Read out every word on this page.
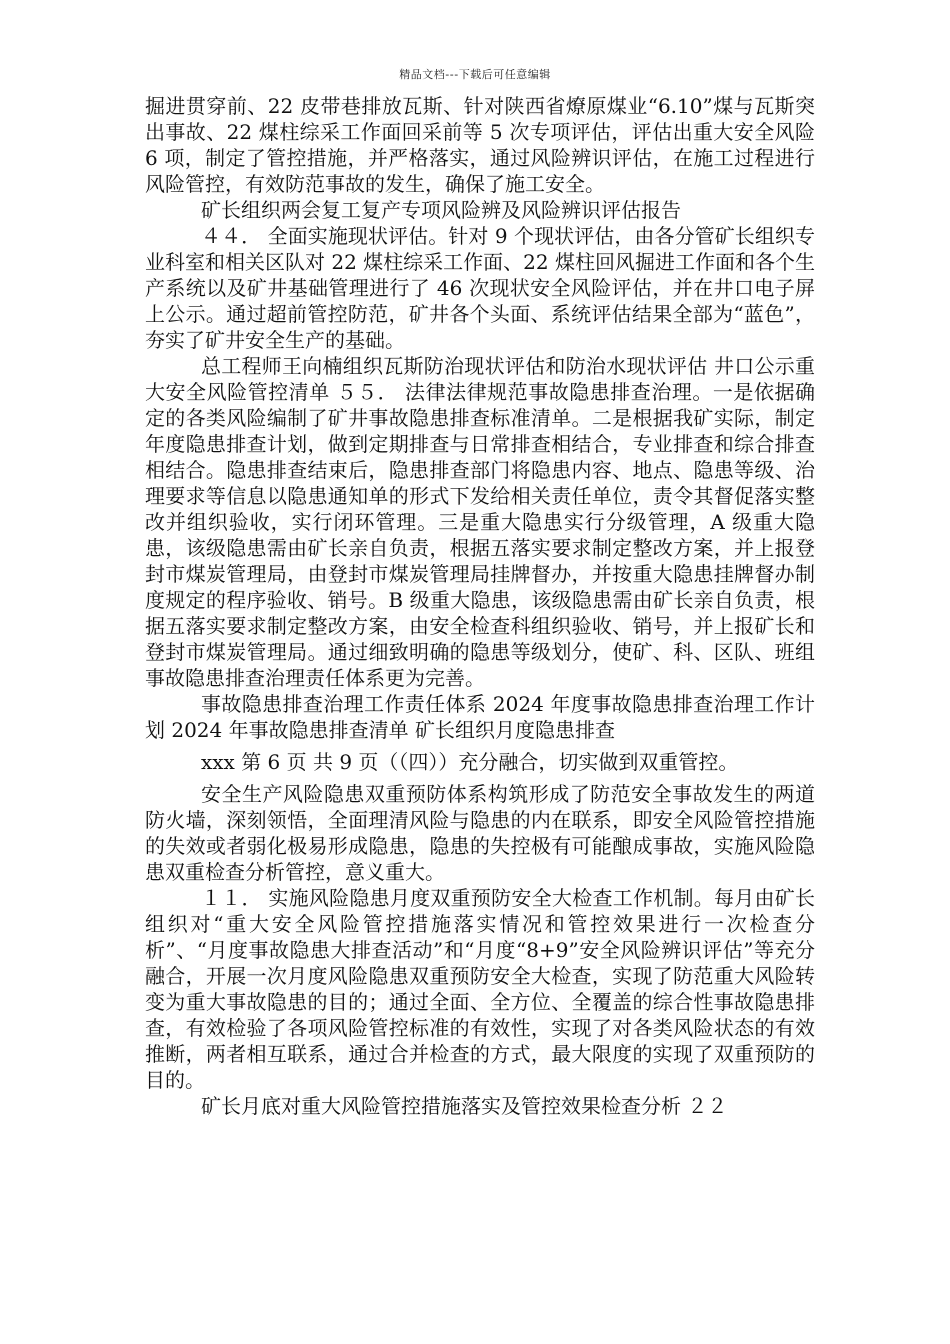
精品文档---下载后可任意编辑

掘进贯穿前、22 皮带巷排放瓦斯、针对陕西省燎原煤业“6.10”煤与瓦斯突出事故、22 煤柱综采工作面回采前等 5 次专项评估，评估出重大安全风险 6 项，制定了管控措施，并严格落实，通过风险辨识评估，在施工过程进行风险管控，有效防范事故的发生，确保了施工安全。

矿长组织两会复工复产专项风险辨及风险辨识评估报告

４４． 全面实施现状评估。针对 9 个现状评估，由各分管矿长组织专业科室和相关区队对 22 煤柱综采工作面、22 煤柱回风掘进工作面和各个生产系统以及矿井基础管理进行了 46 次现状安全风险评估，并在井口电子屏上公示。通过超前管控防范，矿井各个头面、系统评估结果全部为“蓝色”，夯实了矿井安全生产的基础。

总工程师王向楠组织瓦斯防治现状评估和防治水现状评估 井口公示重大安全风险管控清单 ５５． 法律法律规范事故隐患排查治理。一是依据确定的各类风险编制了矿井事故隐患排查标准清单。二是根据我矿实际，制定年度隐患排查计划，做到定期排查与日常排查相结合，专业排查和综合排查相结合。隐患排查结束后，隐患排查部门将隐患内容、地点、隐患等级、治理要求等信息以隐患通知单的形式下发给相关责任单位，责令其督促落实整改并组织验收，实行闭环管理。三是重大隐患实行分级管理，A 级重大隐患，该级隐患需由矿长亲自负责，根据五落实要求制定整改方案，并上报登封市煤炭管理局，由登封市煤炭管理局挂牌督办，并按重大隐患挂牌督办制度规定的程序验收、销号。B 级重大隐患，该级隐患需由矿长亲自负责，根据五落实要求制定整改方案，由安全检查科组织验收、销号，并上报矿长和登封市煤炭管理局。通过细致明确的隐患等级划分，使矿、科、区队、班组事故隐患排查治理责任体系更为完善。

事故隐患排查治理工作责任体系 2024 年度事故隐患排查治理工作计划 2024 年事故隐患排查清单 矿长组织月度隐患排查

xxx 第 6 页 共 9 页（（四））充分融合，切实做到双重管控。

安全生产风险隐患双重预防体系构筑形成了防范安全事故发生的两道防火墙，深刻领悟，全面理清风险与隐患的内在联系，即安全风险管控措施的失效或者弱化极易形成隐患，隐患的失控极有可能酿成事故，实施风险隐患双重检查分析管控，意义重大。

１１． 实施风险隐患月度双重预防安全大检查工作机制。每月由矿长组织对“重大安全风险管控措施落实情况和管控效果进行一次检查分析”、“月度事故隐患大排查活动”和“月度“8+9”安全风险辨识评估”等充分融合，开展一次月度风险隐患双重预防安全大检查，实现了防范重大风险转变为重大事故隐患的目的；通过全面、全方位、全覆盖的综合性事故隐患排查，有效检验了各项风险管控标准的有效性，实现了对各类风险状态的有效推断，两者相互联系，通过合并检查的方式，最大限度的实现了双重预防的目的。

矿长月底对重大风险管控措施落实及管控效果检查分析 ２２
